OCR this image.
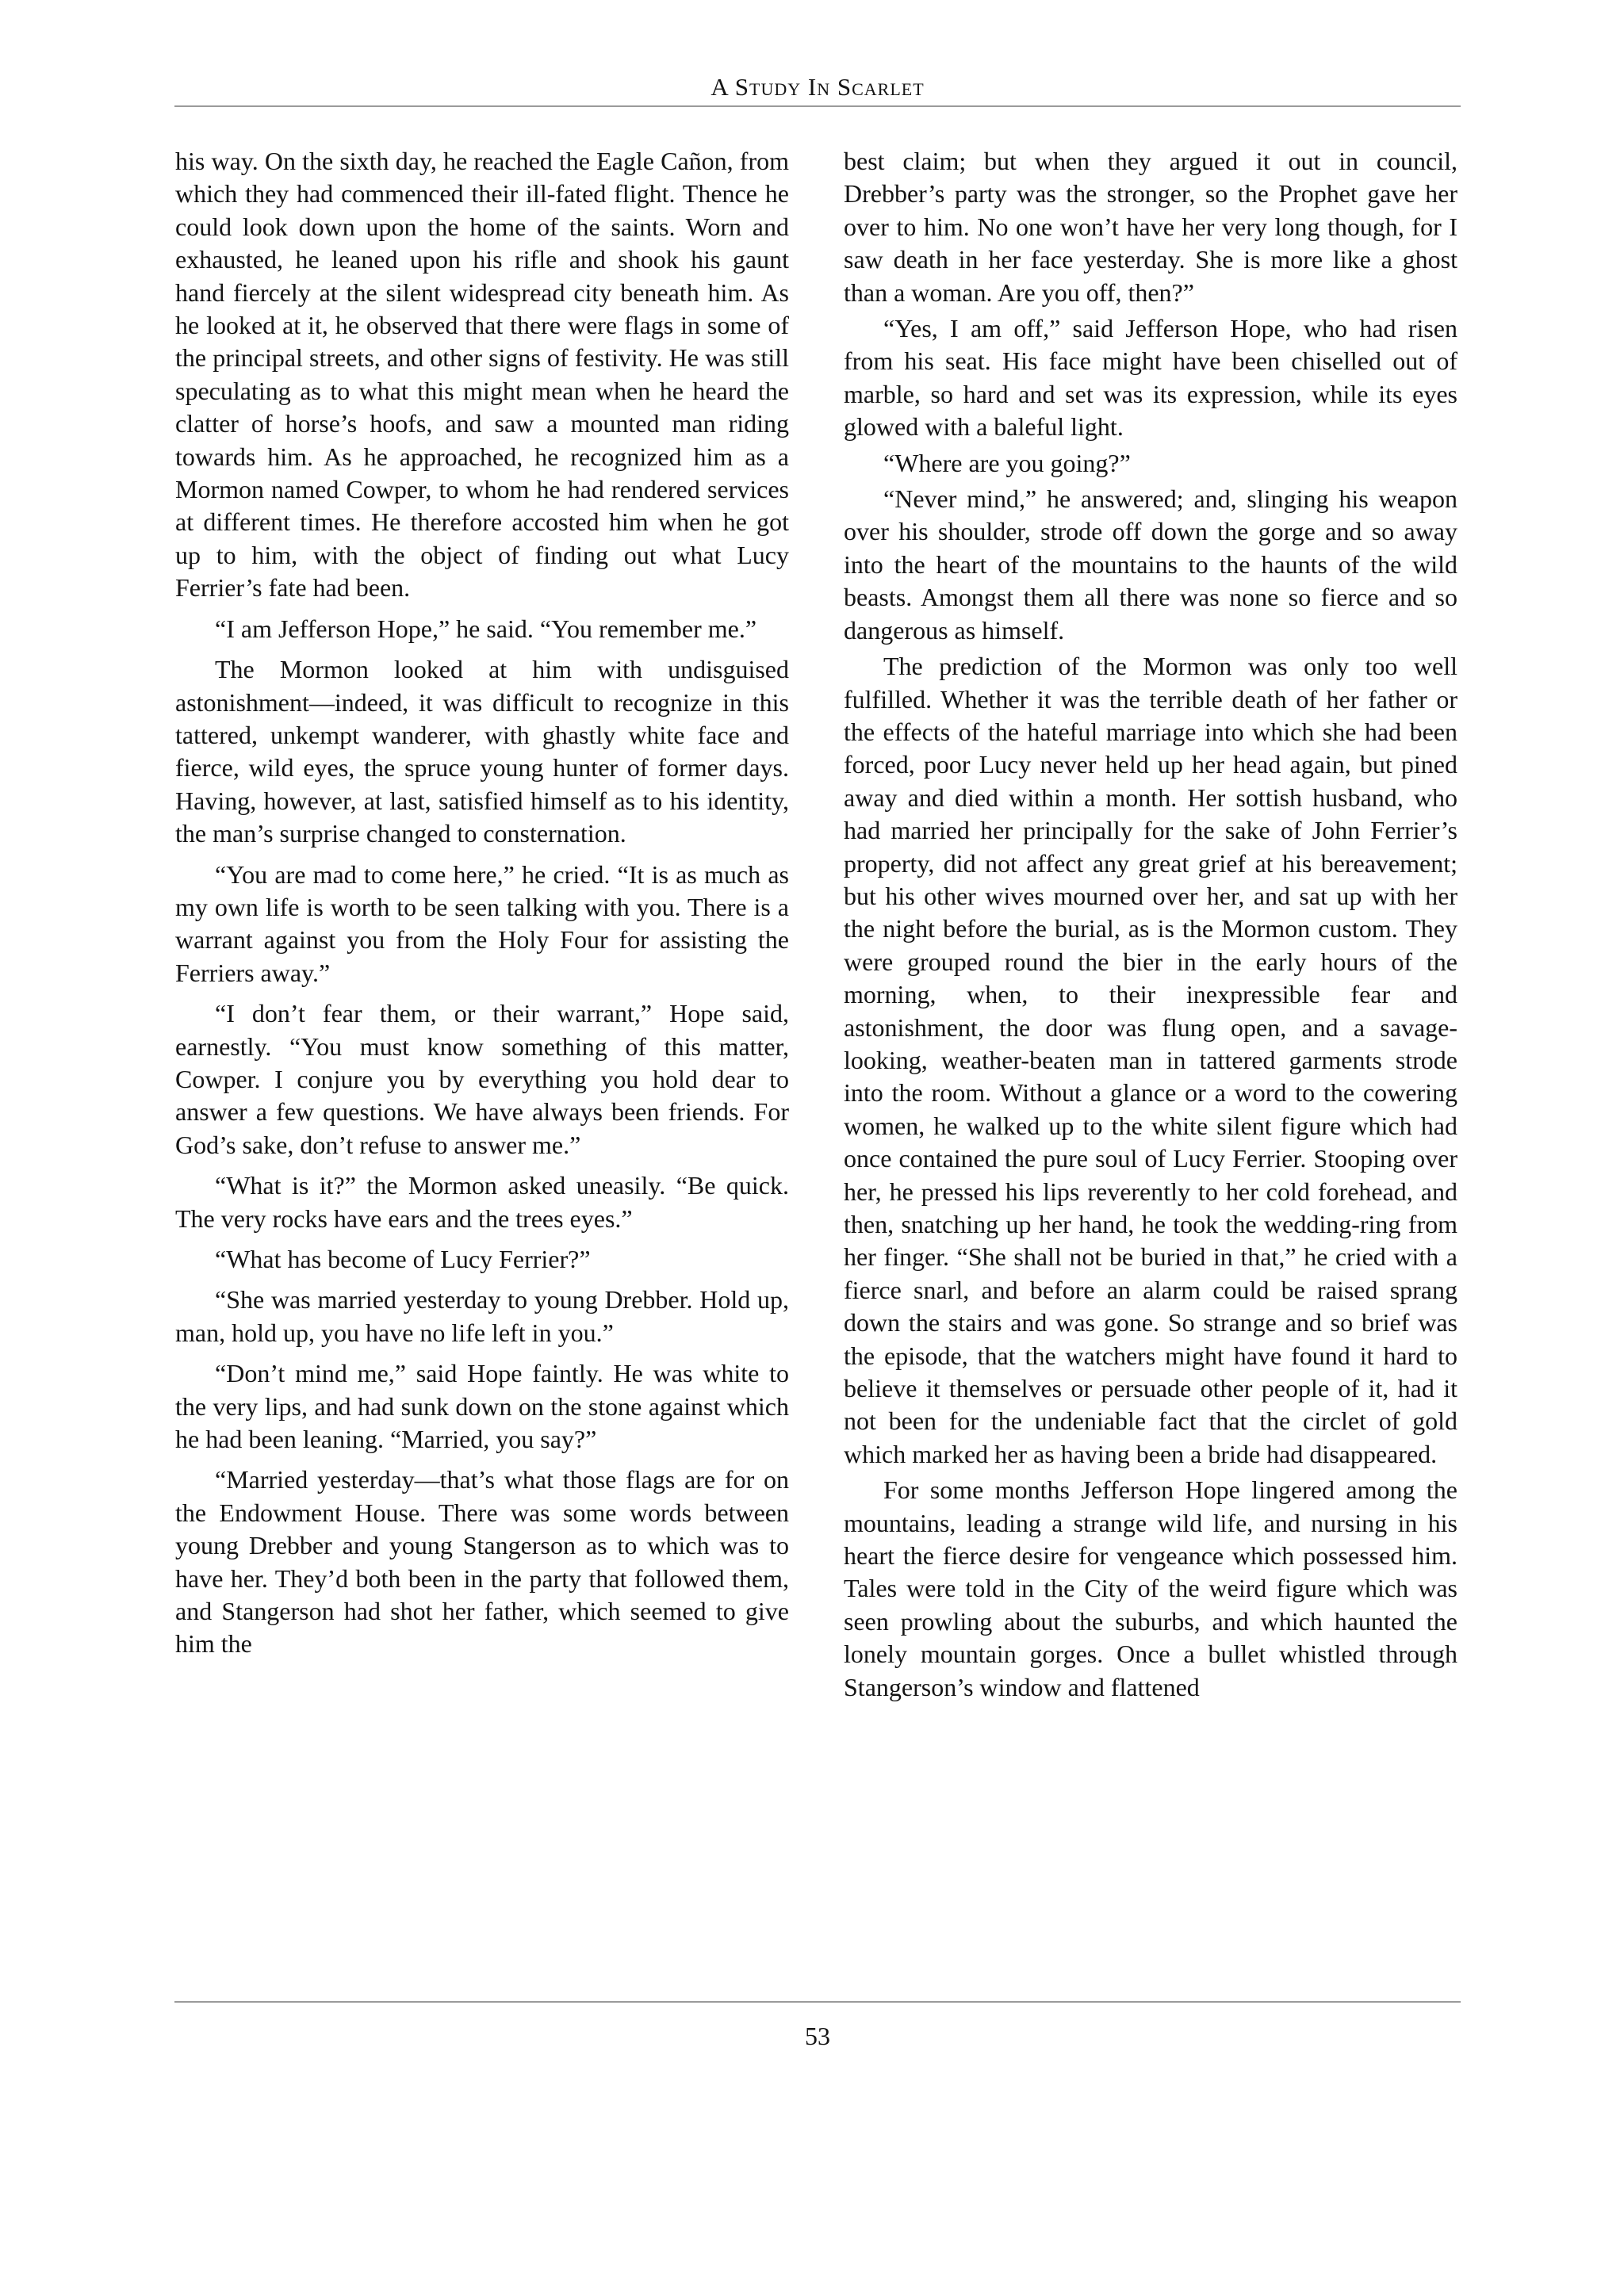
A Study In Scarlet

his way. On the sixth day, he reached the Eagle Cañon, from which they had commenced their ill-fated flight. Thence he could look down upon the home of the saints. Worn and exhausted, he leaned upon his rifle and shook his gaunt hand fiercely at the silent widespread city beneath him. As he looked at it, he observed that there were flags in some of the principal streets, and other signs of festivity. He was still speculating as to what this might mean when he heard the clatter of horse’s hoofs, and saw a mounted man riding towards him. As he approached, he recognized him as a Mormon named Cowper, to whom he had rendered services at different times. He therefore accosted him when he got up to him, with the object of finding out what Lucy Ferrier’s fate had been.

“I am Jefferson Hope,” he said. “You remember me.”

The Mormon looked at him with undisguised astonishment—indeed, it was difficult to recognize in this tattered, unkempt wanderer, with ghastly white face and fierce, wild eyes, the spruce young hunter of former days. Having, however, at last, satisfied himself as to his identity, the man’s surprise changed to consternation.

“You are mad to come here,” he cried. “It is as much as my own life is worth to be seen talking with you. There is a warrant against you from the Holy Four for assisting the Ferriers away.”

“I don’t fear them, or their warrant,” Hope said, earnestly. “You must know something of this matter, Cowper. I conjure you by everything you hold dear to answer a few questions. We have always been friends. For God’s sake, don’t refuse to answer me.”

“What is it?” the Mormon asked uneasily. “Be quick. The very rocks have ears and the trees eyes.”

“What has become of Lucy Ferrier?”

“She was married yesterday to young Drebber. Hold up, man, hold up, you have no life left in you.”

“Don’t mind me,” said Hope faintly. He was white to the very lips, and had sunk down on the stone against which he had been leaning. “Married, you say?”

“Married yesterday—that’s what those flags are for on the Endowment House. There was some words between young Drebber and young Stangerson as to which was to have her. They’d both been in the party that followed them, and Stangerson had shot her father, which seemed to give him the

best claim; but when they argued it out in council, Drebber’s party was the stronger, so the Prophet gave her over to him. No one won’t have her very long though, for I saw death in her face yesterday. She is more like a ghost than a woman. Are you off, then?”

“Yes, I am off,” said Jefferson Hope, who had risen from his seat. His face might have been chiselled out of marble, so hard and set was its expression, while its eyes glowed with a baleful light.

“Where are you going?”

“Never mind,” he answered; and, slinging his weapon over his shoulder, strode off down the gorge and so away into the heart of the mountains to the haunts of the wild beasts. Amongst them all there was none so fierce and so dangerous as himself.

The prediction of the Mormon was only too well fulfilled. Whether it was the terrible death of her father or the effects of the hateful marriage into which she had been forced, poor Lucy never held up her head again, but pined away and died within a month. Her sottish husband, who had married her principally for the sake of John Ferrier’s property, did not affect any great grief at his bereavement; but his other wives mourned over her, and sat up with her the night before the burial, as is the Mormon custom. They were grouped round the bier in the early hours of the morning, when, to their inexpressible fear and astonishment, the door was flung open, and a savage-looking, weather-beaten man in tattered garments strode into the room. Without a glance or a word to the cowering women, he walked up to the white silent figure which had once contained the pure soul of Lucy Ferrier. Stooping over her, he pressed his lips reverently to her cold forehead, and then, snatching up her hand, he took the wedding-ring from her finger. “She shall not be buried in that,” he cried with a fierce snarl, and before an alarm could be raised sprang down the stairs and was gone. So strange and so brief was the episode, that the watchers might have found it hard to believe it themselves or persuade other people of it, had it not been for the undeniable fact that the circlet of gold which marked her as having been a bride had disappeared.

For some months Jefferson Hope lingered among the mountains, leading a strange wild life, and nursing in his heart the fierce desire for vengeance which possessed him. Tales were told in the City of the weird figure which was seen prowling about the suburbs, and which haunted the lonely mountain gorges. Once a bullet whistled through Stangerson’s window and flattened

53
